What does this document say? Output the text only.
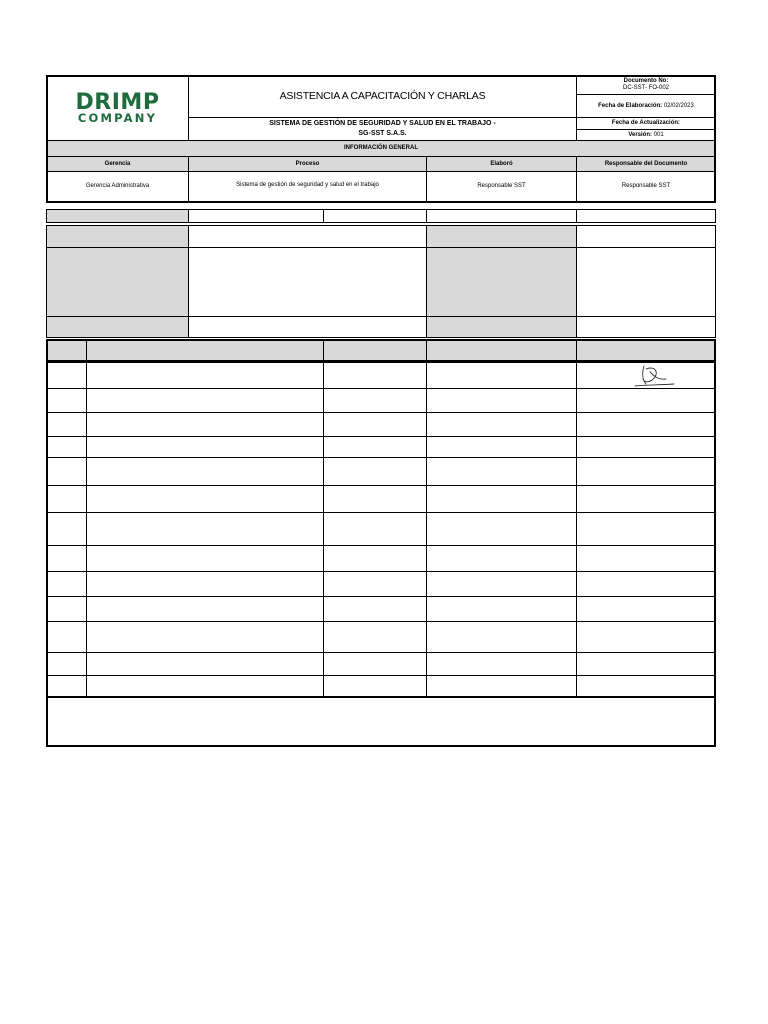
DRIMP
COMPANY
ASISTENCIA A CAPACITACIÓN Y CHARLAS
SISTEMA DE GESTIÓN DE SEGURIDAD Y SALUD EN EL TRABAJO -
SG-SST S.A.S.
Documento No:
DC-SST- FO-002
Fecha de Elaboración:
02/02/2023
Fecha de Actualización:
Versión:
001
INFORMACIÓN GENERAL
Gerencia	Proceso	Elaboró	Responsable del Documento
Gerencia Administrativa	Sistema de gestión de seguridad y salud en el trabajo	Responsable SST	Responsable SST
